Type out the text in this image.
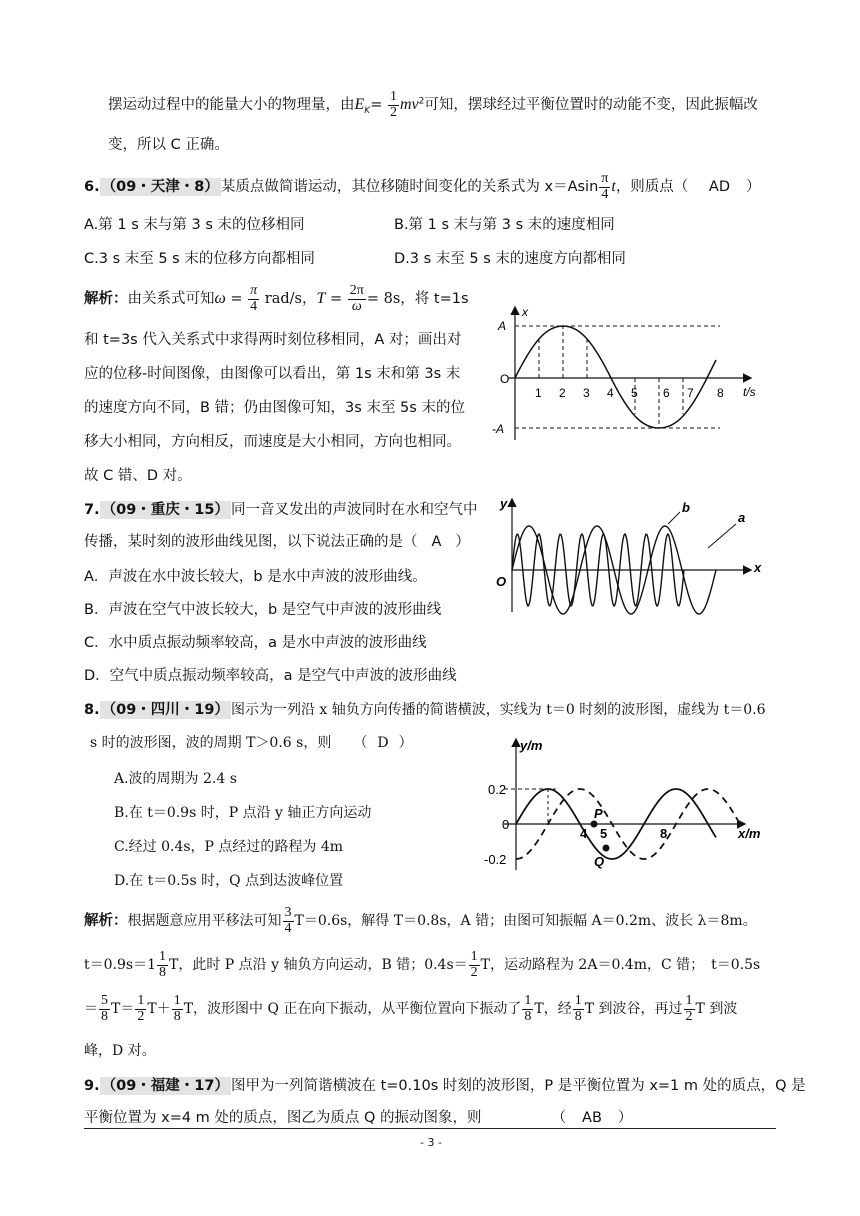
摆运动过程中的能量大小的物理量，由$E_K= \frac{1}{2} mv^2$可知，摆球经过平衡位置时的动能不变，因此振幅改
变，所以 C 正确。
6. （09・天津・8） 某质点做简谐运动，其位移随时间变化的关系式为 $x=Asin \frac{\pi}{4}$ t，则质点（ AD ）
A.第 1 s 末与第 3 s 末的位移相同	B.第 1 s 末与第 3 s 末的速度相同
C.3 s 末至 5 s 末的位移方向都相同	D.3 s 末至 5 s 末的速度方向都相同
解析：由关系式可知$\omega = \frac{\pi}{4} rad/s$，$T = \frac{2\pi}{\omega} = 8s$，将 t=1s
和 t=3s 代入关系式中求得两时刻位移相同，A 对；画出对
应的位移-时间图像，由图像可以看出，第 1s 末和第 3s 末
的速度方向不同，B 错；仍由图像可知，3s 末至 5s 末的位
移大小相同，方向相反，而速度是大小相同，方向也相同。
故 C 错、D 对。
x
t/s
A
-A
O
1 2 3 4 5 6 7 8
7. （09・重庆・15） 同一音叉发出的声波同时在水和空气中
传播，某时刻的波形曲线见图，以下说法正确的是（ A ）
A．声波在水中波长较大，b 是水中声波的波形曲线。
B．声波在空气中波长较大，b 是空气中声波的波形曲线
C．水中质点振动频率较高，a 是水中声波的波形曲线
D．空气中质点振动频率较高，a 是空气中声波的波形曲线
y
x
O
b
a
8. （09・四川・19） 图示为一列沿 x 轴负方向传播的简谐横波，实线为 t＝0 时刻的波形图，虚线为 t＝0.6
s 时的波形图，波的周期 T＞0.6 s，则 （ D ）
A.波的周期为 2.4 s
B.在 t＝0.9s 时，P 点沿 y 轴正方向运动
C.经过 0.4s，P 点经过的路程为 4m
D.在 t＝0.5s 时，Q 点到达波峰位置
y/m
x/m
0.2
0
-0.2
4 5	8
P
Q
解析：根据题意应用平移法可知 $\frac{3}{4} T=0.6s$，解得 T＝0.8s，A 错；由图可知振幅 A＝0.2m、波长 λ＝8m。
$t=0.9s=1 \frac{1}{8}$ T，此时 P 点沿 y 轴负方向运动，B 错；$0.4s= \frac{1}{2}$ T，运动路程为 2A＝0.4m，C 错；　t＝0.5s
＝ $\frac{5}{8} T= \frac{1}{2} T+ \frac{1}{8}$ T，波形图中 Q 正在向下振动，从平衡位置向下振动了 $\frac{1}{8}$ T，经 $\frac{1}{8}$ T 到波谷，再过 $\frac{1}{2}$ T 到波
峰，D 对。
9. （09・福建・17） 图甲为一列简谐横波在 t=0.10s 时刻的波形图，P 是平衡位置为 x=1 m 处的质点，Q 是
平衡位置为 x=4 m 处的质点，图乙为质点 Q 的振动图象，则	（ AB ）
- 3 -
